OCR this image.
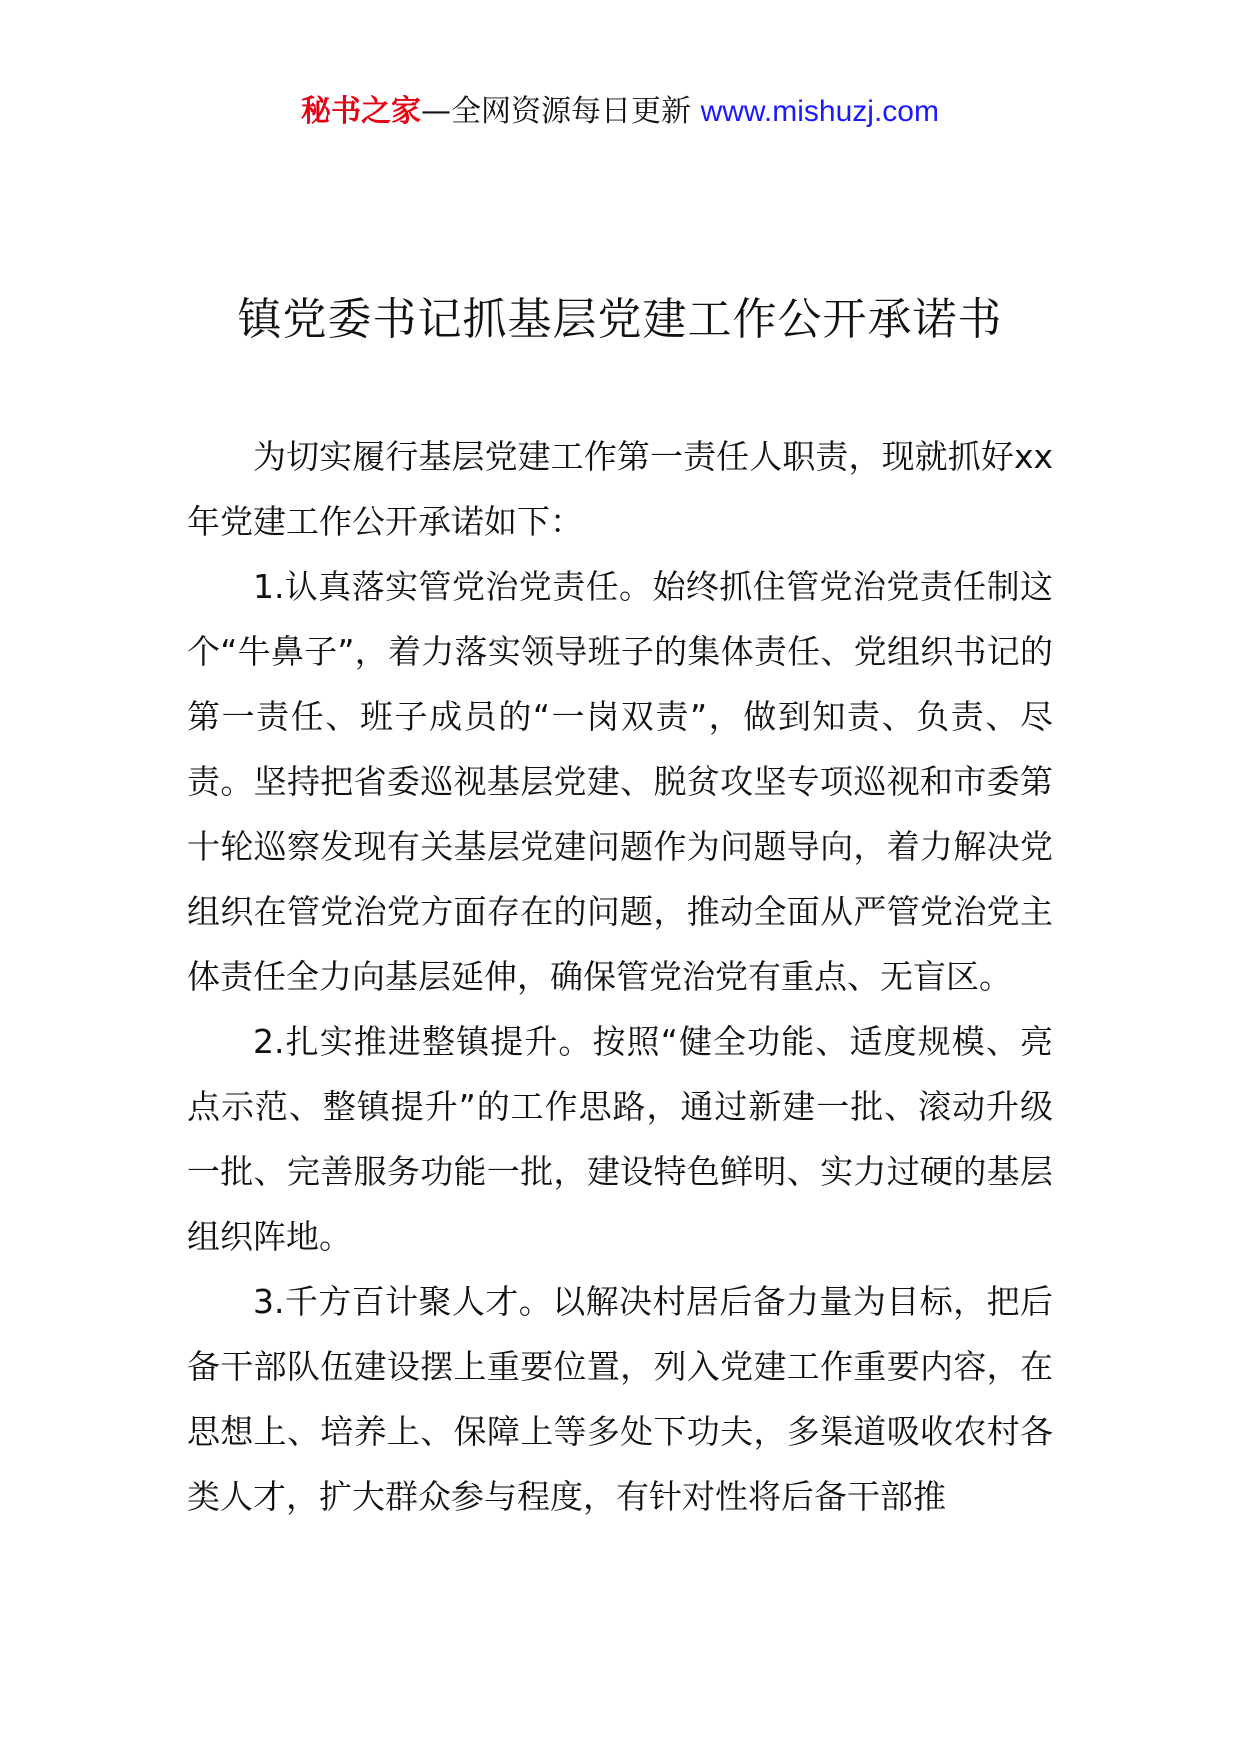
秘书之家—全网资源每日更新 www.mishuzj.com
镇党委书记抓基层党建工作公开承诺书

为切实履行基层党建工作第一责任人职责，现就抓好xx年党建工作公开承诺如下：

1.认真落实管党治党责任。始终抓住管党治党责任制这个“牛鼻子”，着力落实领导班子的集体责任、党组织书记的第一责任、班子成员的“一岗双责”，做到知责、负责、尽责。坚持把省委巡视基层党建、脱贫攻坚专项巡视和市委第十轮巡察发现有关基层党建问题作为问题导向，着力解决党组织在管党治党方面存在的问题，推动全面从严管党治党主体责任全力向基层延伸，确保管党治党有重点、无盲区。

2.扎实推进整镇提升。按照“健全功能、适度规模、亮点示范、整镇提升”的工作思路，通过新建一批、滚动升级一批、完善服务功能一批，建设特色鲜明、实力过硬的基层组织阵地。

3.千方百计聚人才。以解决村居后备力量为目标，把后备干部队伍建设摆上重要位置，列入党建工作重要内容，在思想上、培养上、保障上等多处下功夫，多渠道吸收农村各类人才，扩大群众参与程度，有针对性将后备干部推
